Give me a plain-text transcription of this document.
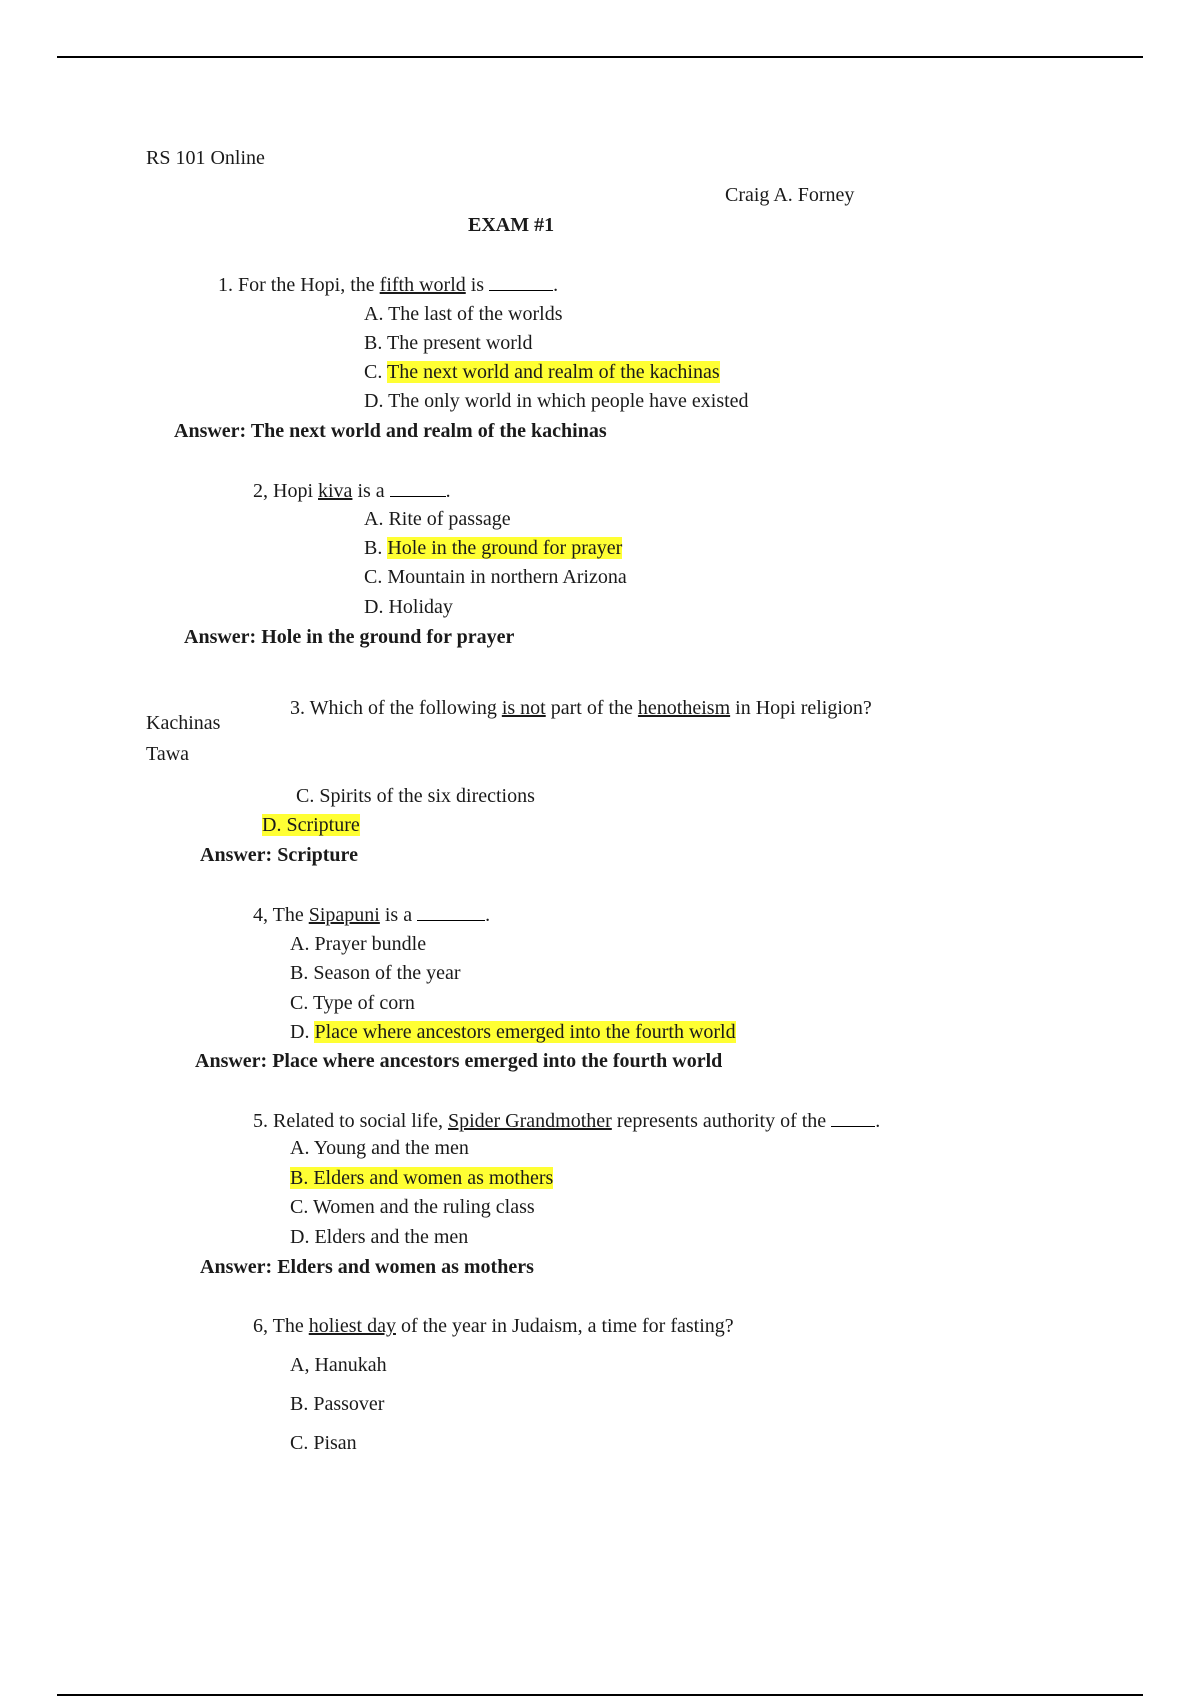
RS 101 Online
Craig A. Forney
EXAM #1
1. For the Hopi, the fifth world is	.
A. The last of the worlds
B. The present world
C. The next world and realm of the kachinas
D. The only world in which people have existed
Answer: The next world and realm of the kachinas
2, Hopi kiva is a	.
A. Rite of passage
B. Hole in the ground for prayer
C. Mountain in northern Arizona
D. Holiday
Answer: Hole in the ground for prayer
3. Which of the following is not part of the henotheism in Hopi religion?
Kachinas
Tawa
C. Spirits of the six directions
D. Scripture
Answer: Scripture
4, The Sipapuni is a	.
A. Prayer bundle
B. Season of the year
C. Type of corn
D. Place where ancestors emerged into the fourth world
Answer: Place where ancestors emerged into the fourth world
5. Related to social life, Spider Grandmother represents authority of the .
A. Young and the men
B. Elders and women as mothers
C. Women and the ruling class
D. Elders and the men
Answer: Elders and women as mothers
6, The holiest day of the year in Judaism, a time for fasting?
A, Hanukah
B. Passover
C. Pisan
